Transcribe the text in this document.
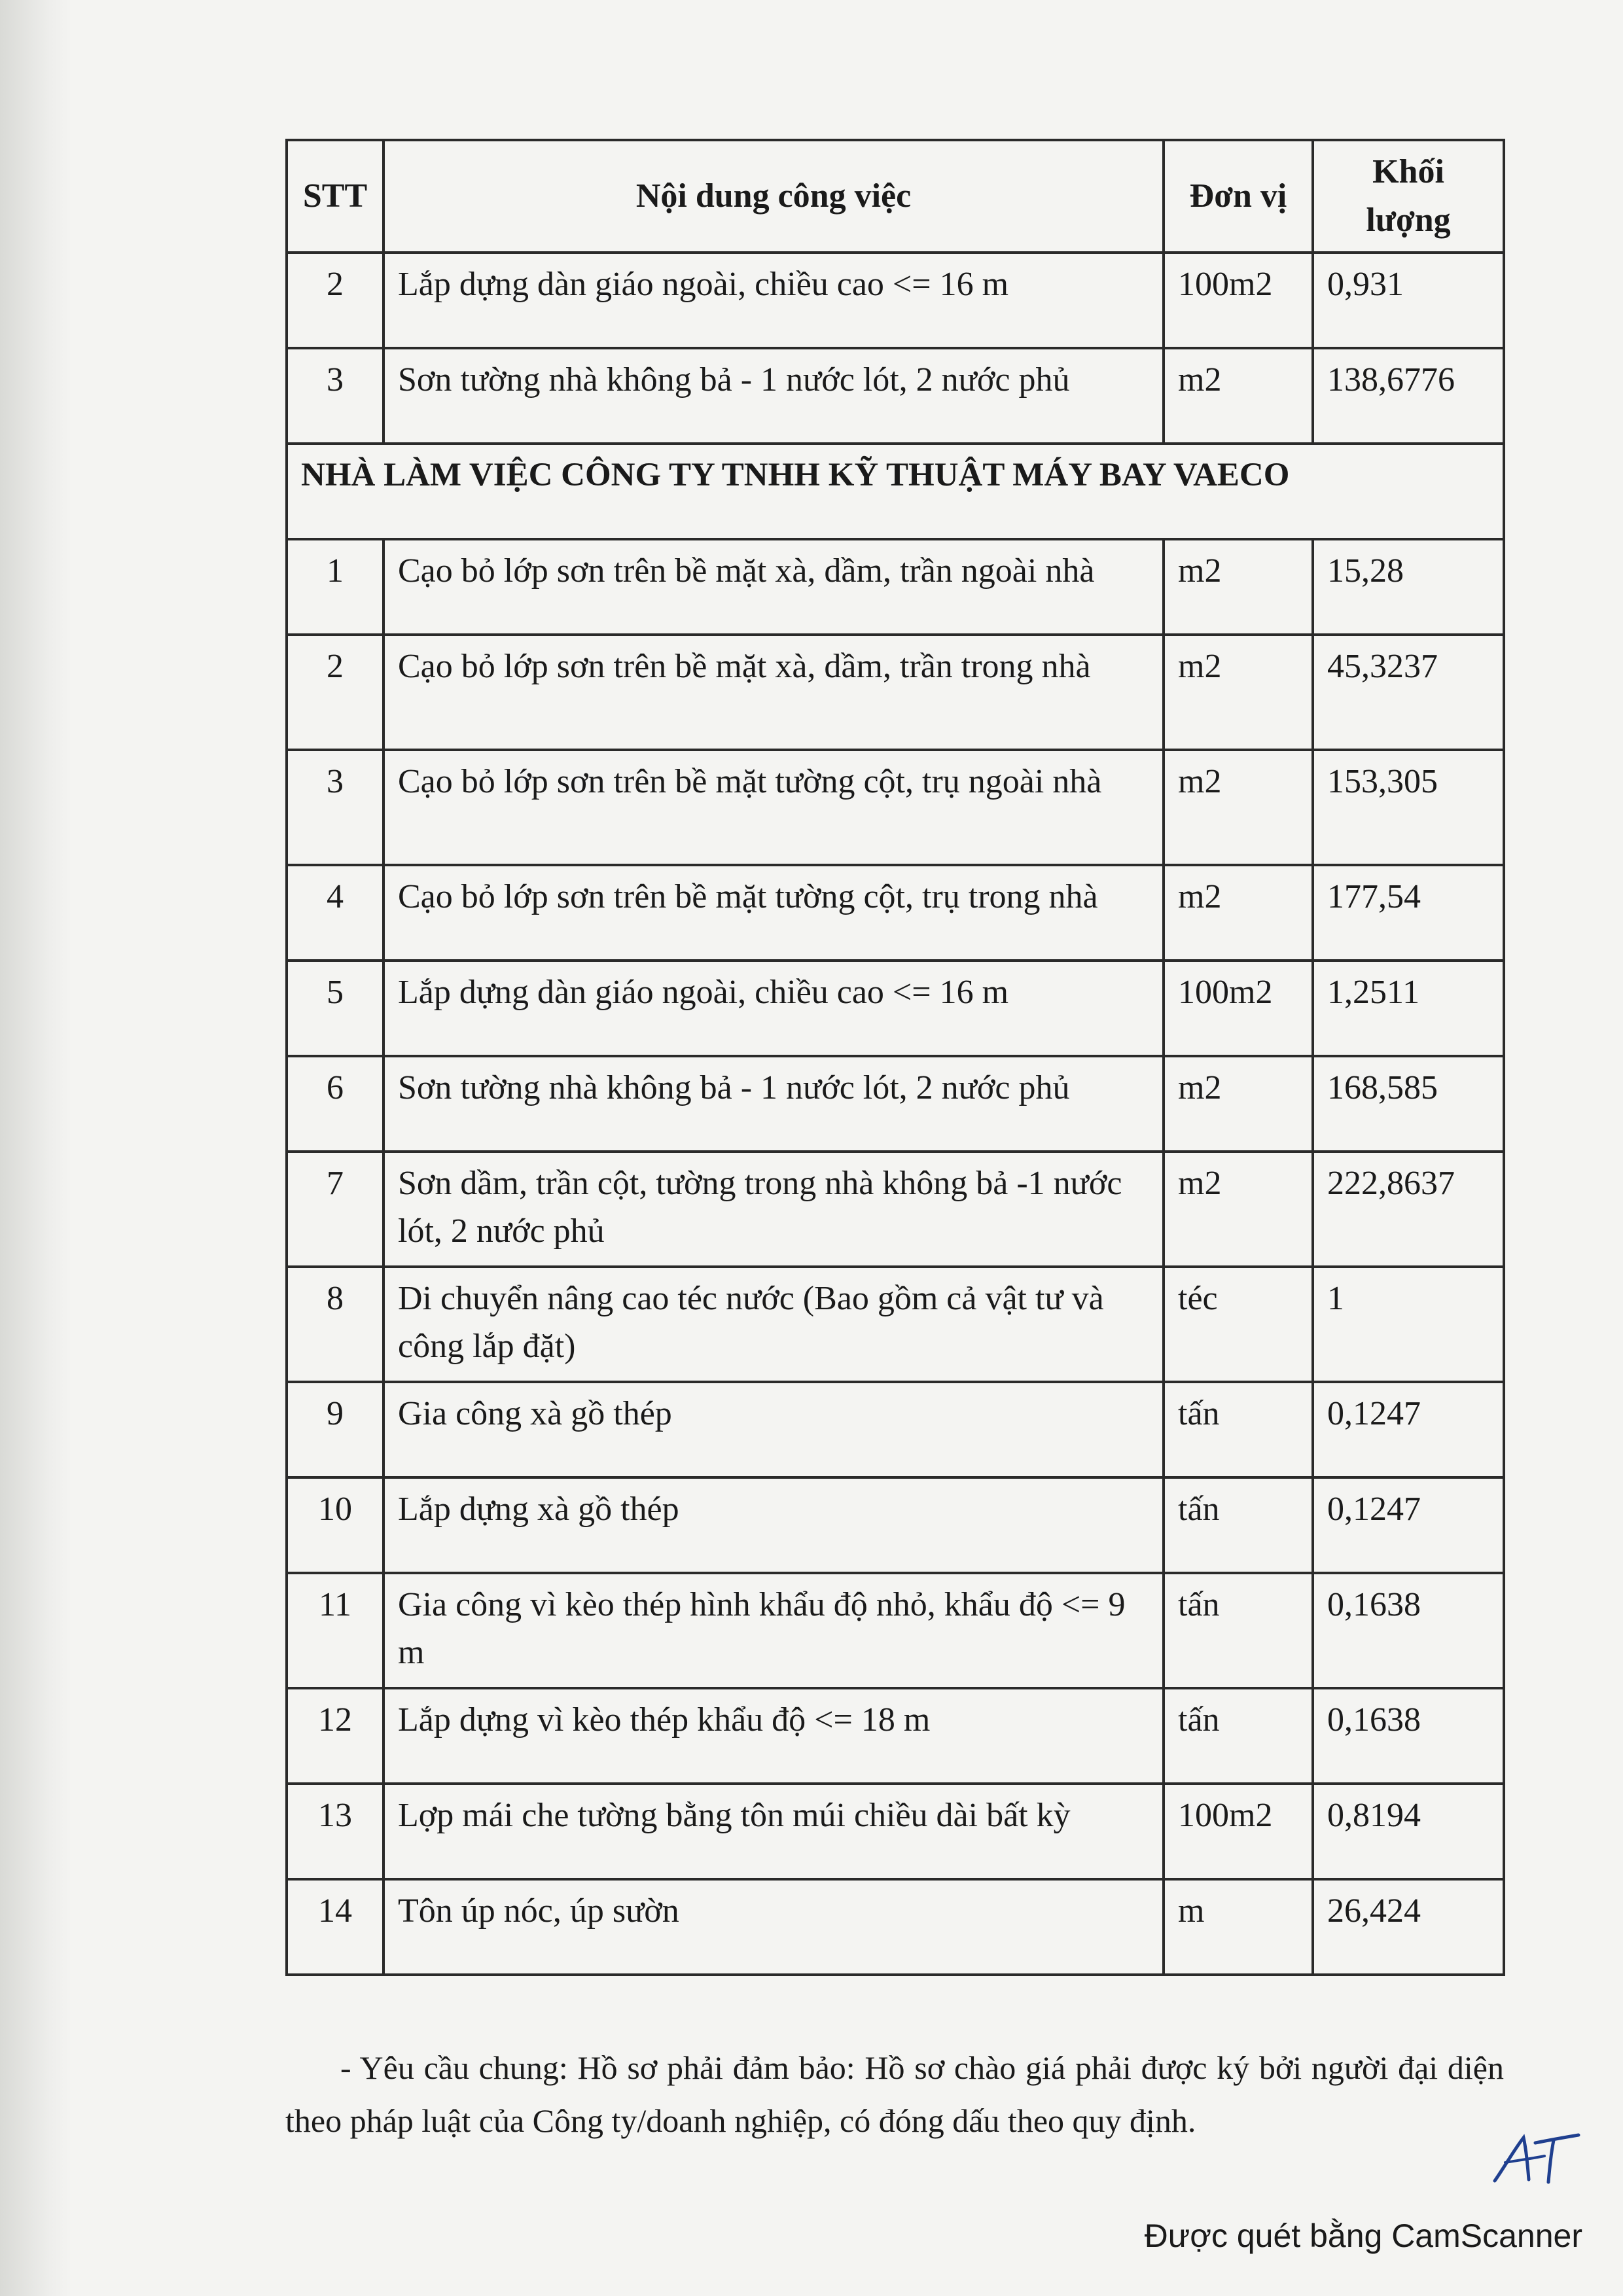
STT	Nội dung công việc	Đơn vị	Khối
lượng
2	Lắp dựng dàn giáo ngoài, chiều cao <= 16 m	100m2	0,931
3	Sơn tường nhà không bả - 1 nước lót, 2 nước phủ	m2	138,6776
NHÀ LÀM VIỆC CÔNG TY TNHH KỸ THUẬT MÁY BAY VAECO			
1	Cạo bỏ lớp sơn trên bề mặt xà, dầm, trần ngoài nhà	m2	15,28
2	Cạo bỏ lớp sơn trên bề mặt xà, dầm, trần trong nhà	m2	45,3237
3	Cạo bỏ lớp sơn trên bề mặt tường cột, trụ ngoài nhà	m2	153,305
4	Cạo bỏ lớp sơn trên bề mặt tường cột, trụ trong nhà	m2	177,54
5	Lắp dựng dàn giáo ngoài, chiều cao <= 16 m	100m2	1,2511
6	Sơn tường nhà không bả - 1 nước lót, 2 nước phủ	m2	168,585
7	Sơn dầm, trần cột, tường trong nhà không bả -1 nước lót, 2 nước phủ	m2	222,8637
8	Di chuyển nâng cao téc nước (Bao gồm cả vật tư và công lắp đặt)	téc	1
9	Gia công xà gồ thép	tấn	0,1247
10	Lắp dựng xà gồ thép	tấn	0,1247
11	Gia công vì kèo thép hình khẩu độ nhỏ, khẩu độ <= 9 m	tấn	0,1638
12	Lắp dựng vì kèo thép khẩu độ <= 18 m	tấn	0,1638
13	Lợp mái che tường bằng tôn múi chiều dài bất kỳ	100m2	0,8194
14	Tôn úp nóc, úp sườn	m	26,424

- Yêu cầu chung: Hồ sơ phải đảm bảo: Hồ sơ chào giá phải được ký bởi người đại diện theo pháp luật của Công ty/doanh nghiệp, có đóng dấu theo quy định.

Được quét bằng CamScanner
